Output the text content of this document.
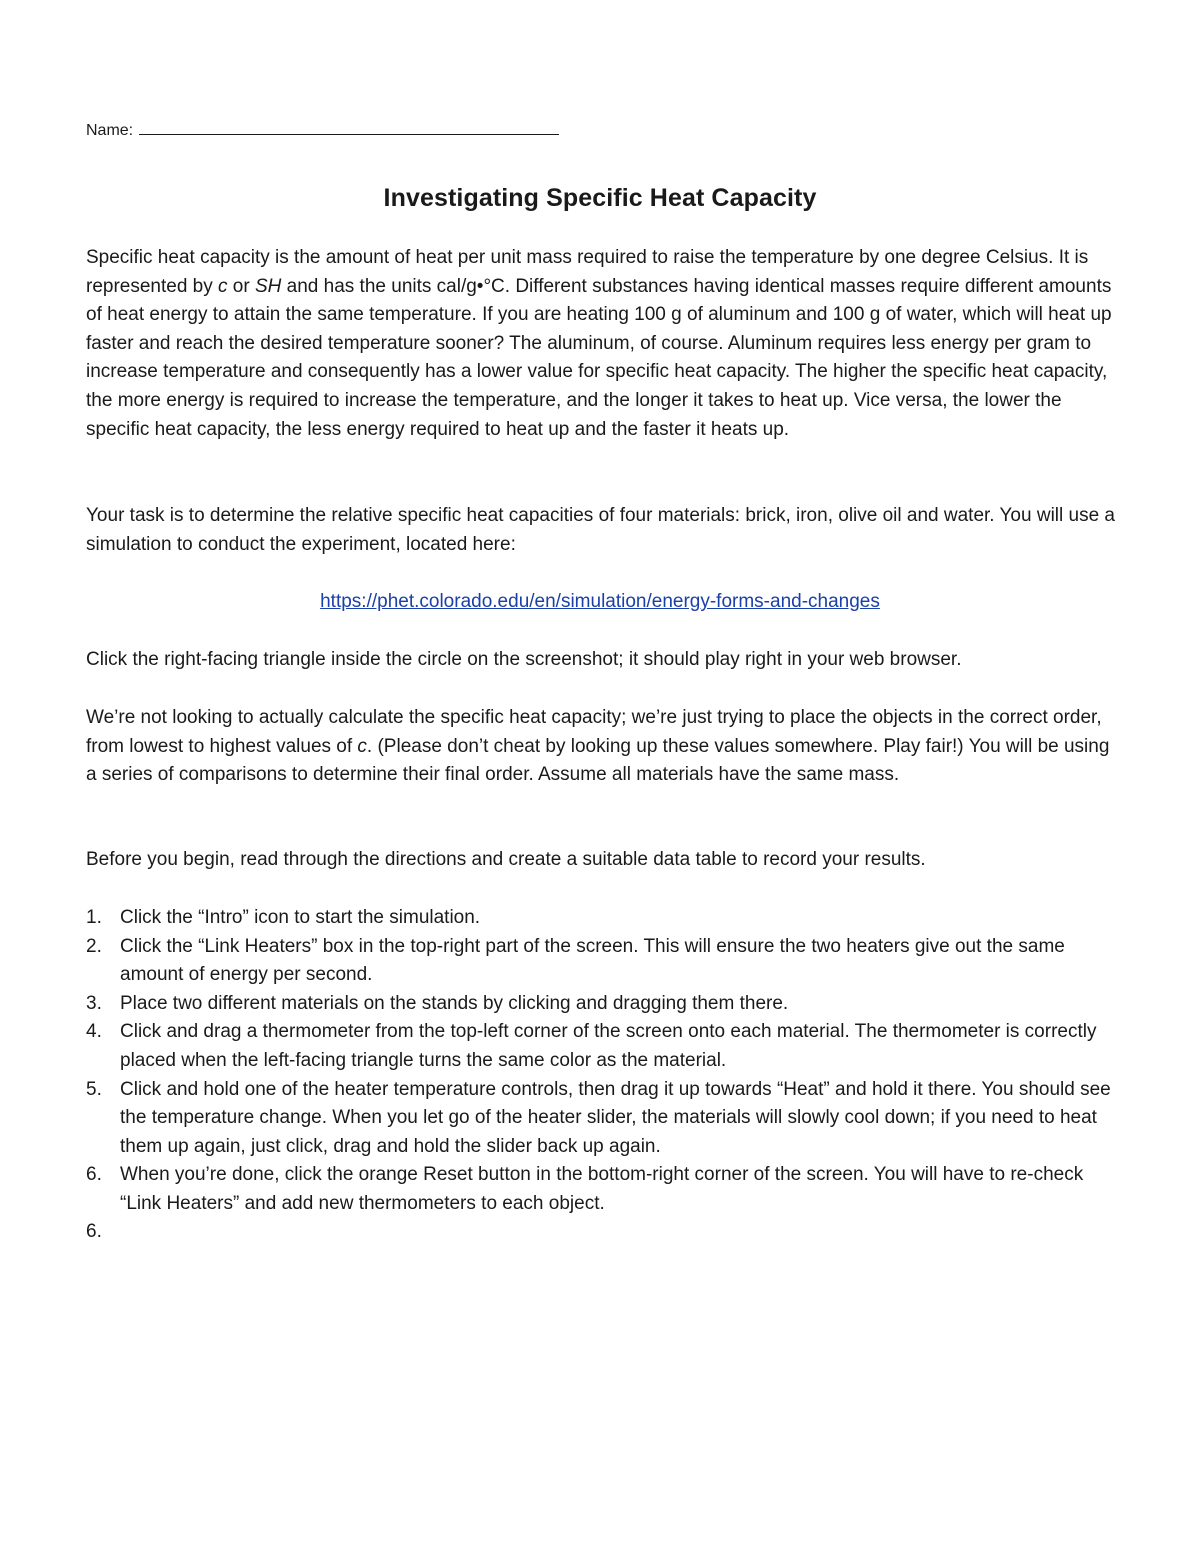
Name:
Investigating Specific Heat Capacity

Specific heat capacity is the amount of heat per unit mass required to raise the temperature by one degree Celsius. It is represented by c or SH and has the units cal/g•°C. Different substances having identical masses require different amounts of heat energy to attain the same temperature. If you are heating 100 g of aluminum and 100 g of water, which will heat up faster and reach the desired temperature sooner? The aluminum, of course. Aluminum requires less energy per gram to increase temperature and consequently has a lower value for specific heat capacity. The higher the specific heat capacity, the more energy is required to increase the temperature, and the longer it takes to heat up. Vice versa, the lower the specific heat capacity, the less energy required to heat up and the faster it heats up.

Your task is to determine the relative specific heat capacities of four materials: brick, iron, olive oil and water. You will use a simulation to conduct the experiment, located here:

https://phet.colorado.edu/en/simulation/energy-forms-and-changes

Click the right-facing triangle inside the circle on the screenshot; it should play right in your web browser.

We’re not looking to actually calculate the specific heat capacity; we’re just trying to place the objects in the correct order, from lowest to highest values of c. (Please don’t cheat by looking up these values somewhere. Play fair!) You will be using a series of comparisons to determine their final order. Assume all materials have the same mass.

Before you begin, read through the directions and create a suitable data table to record your results.

1. Click the “Intro” icon to start the simulation.
2. Click the “Link Heaters” box in the top-right part of the screen. This will ensure the two heaters give out the same amount of energy per second.
3. Place two different materials on the stands by clicking and dragging them there.
4. Click and drag a thermometer from the top-left corner of the screen onto each material. The thermometer is correctly placed when the left-facing triangle turns the same color as the material.
5. Click and hold one of the heater temperature controls, then drag it up towards “Heat” and hold it there. You should see the temperature change. When you let go of the heater slider, the materials will slowly cool down; if you need to heat them up again, just click, drag and hold the slider back up again.
6. When you’re done, click the orange Reset button in the bottom-right corner of the screen. You will have to re-check “Link Heaters” and add new thermometers to each object.
6.
